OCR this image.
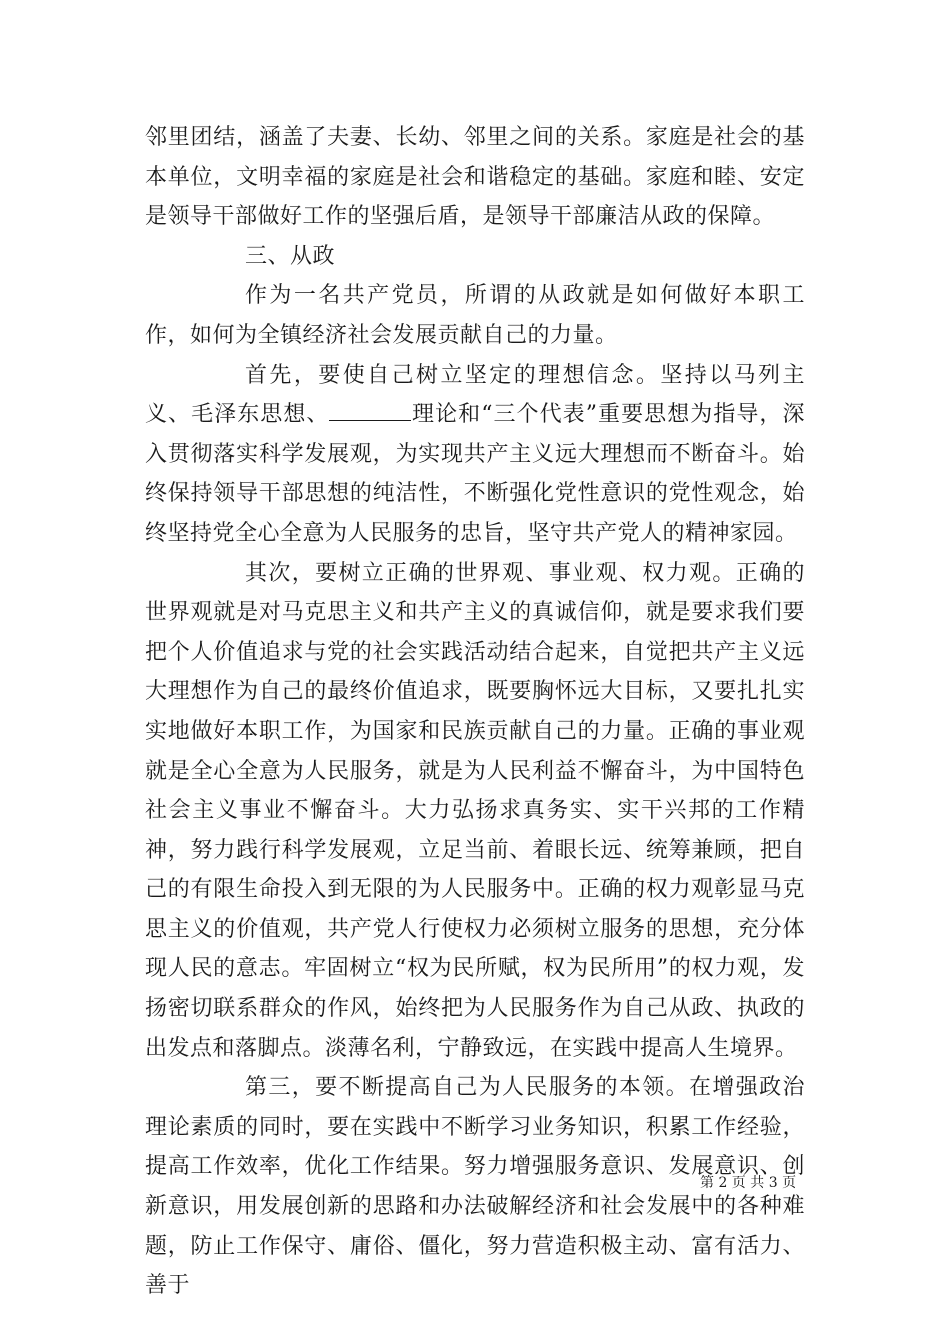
邻里团结，涵盖了夫妻、长幼、邻里之间的关系。家庭是社会的基本单位，文明幸福的家庭是社会和谐稳定的基础。家庭和睦、安定是领导干部做好工作的坚强后盾，是领导干部廉洁从政的保障。

三、从政

作为一名共产党员，所谓的从政就是如何做好本职工作，如何为全镇经济社会发展贡献自己的力量。

首先，要使自己树立坚定的理想信念。坚持以马列主义、毛泽东思想、	理论和“三个代表”重要思想为指导，深入贯彻落实科学发展观，为实现共产主义远大理想而不断奋斗。始终保持领导干部思想的纯洁性，不断强化党性意识的党性观念，始终坚持党全心全意为人民服务的忠旨，坚守共产党人的精神家园。

其次，要树立正确的世界观、事业观、权力观。正确的世界观就是对马克思主义和共产主义的真诚信仰，就是要求我们要把个人价值追求与党的社会实践活动结合起来，自觉把共产主义远大理想作为自己的最终价值追求，既要胸怀远大目标，又要扎扎实实地做好本职工作，为国家和民族贡献自己的力量。正确的事业观就是全心全意为人民服务，就是为人民利益不懈奋斗，为中国特色社会主义事业不懈奋斗。大力弘扬求真务实、实干兴邦的工作精神，努力践行科学发展观，立足当前、着眼长远、统筹兼顾，把自己的有限生命投入到无限的为人民服务中。正确的权力观彰显马克思主义的价值观，共产党人行使权力必须树立服务的思想，充分体现人民的意志。牢固树立“权为民所赋，权为民所用”的权力观，发扬密切联系群众的作风，始终把为人民服务作为自己从政、执政的出发点和落脚点。淡薄名利，宁静致远，在实践中提高人生境界。

第三，要不断提高自己为人民服务的本领。在增强政治理论素质的同时，要在实践中不断学习业务知识，积累工作经验，提高工作效率，优化工作结果。努力增强服务意识、发展意识、创新意识，用发展创新的思路和办法破解经济和社会发展中的各种难题，防止工作保守、庸俗、僵化，努力营造积极主动、富有活力、善于

第 2 页 共 3 页
